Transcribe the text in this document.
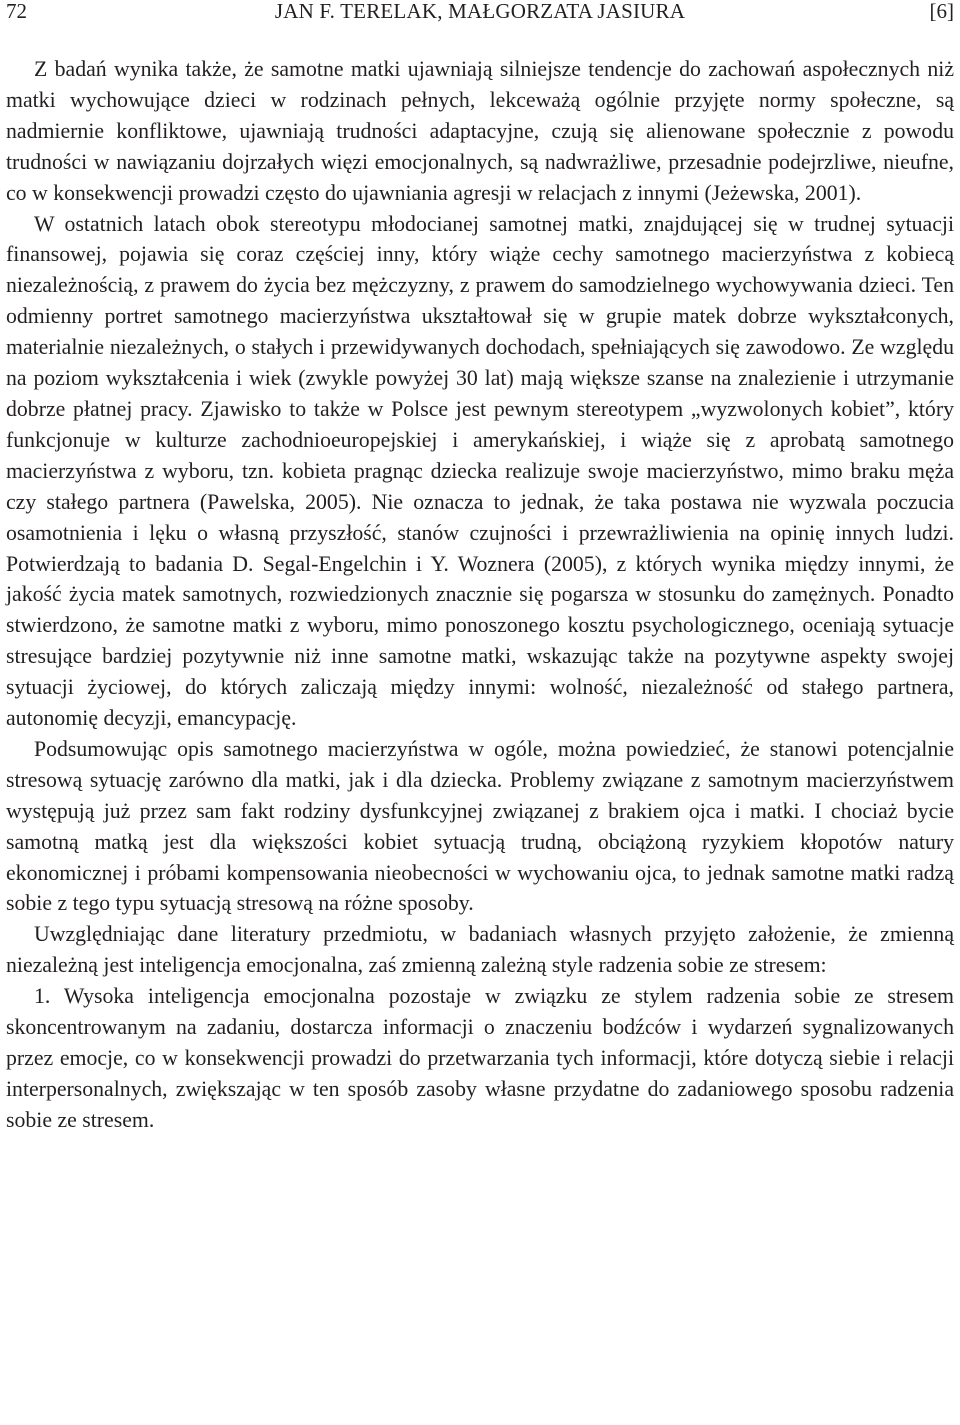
72	JAN F. TERELAK, MAŁGORZATA JASIURA	[6]

Z badań wynika także, że samotne matki ujawniają silniejsze tendencje do zachowań aspołecznych niż matki wychowujące dzieci w rodzinach pełnych, lekceważą ogólnie przyjęte normy społeczne, są nadmiernie konfliktowe, ujawniają trudności adaptacyjne, czują się alienowane społecznie z powodu trudności w nawiązaniu dojrzałych więzi emocjonalnych, są nadwrażliwe, przesadnie podejrzliwe, nieufne, co w konsekwencji prowadzi często do ujawniania agresji w relacjach z innymi (Jeżewska, 2001).

W ostatnich latach obok stereotypu młodocianej samotnej matki, znajdującej się w trudnej sytuacji finansowej, pojawia się coraz częściej inny, który wiąże cechy samotnego macierzyństwa z kobiecą niezależnością, z prawem do życia bez mężczyzny, z prawem do samodzielnego wychowywania dzieci. Ten odmienny portret samotnego macierzyństwa ukształtował się w grupie matek dobrze wykształconych, materialnie niezależnych, o stałych i przewidywanych dochodach, spełniających się zawodowo. Ze względu na poziom wykształcenia i wiek (zwykle powyżej 30 lat) mają większe szanse na znalezienie i utrzymanie dobrze płatnej pracy. Zjawisko to także w Polsce jest pewnym stereotypem „wyzwolonych kobiet”, który funkcjonuje w kulturze zachodnioeuropejskiej i amerykańskiej, i wiąże się z aprobatą samotnego macierzyństwa z wyboru, tzn. kobieta pragnąc dziecka realizuje swoje macierzyństwo, mimo braku męża czy stałego partnera (Pawelska, 2005). Nie oznacza to jednak, że taka postawa nie wyzwala poczucia osamotnienia i lęku o własną przyszłość, stanów czujności i przewrażliwienia na opinię innych ludzi. Potwierdzają to badania D. Segal-Engelchin i Y. Woznera (2005), z których wynika między innymi, że jakość życia matek samotnych, rozwiedzionych znacznie się pogarsza w stosunku do zamężnych. Ponadto stwierdzono, że samotne matki z wyboru, mimo ponoszonego kosztu psychologicznego, oceniają sytuacje stresujące bardziej pozytywnie niż inne samotne matki, wskazując także na pozytywne aspekty swojej sytuacji życiowej, do których zaliczają między innymi: wolność, niezależność od stałego partnera, autonomię decyzji, emancypację.

Podsumowując opis samotnego macierzyństwa w ogóle, można powiedzieć, że stanowi potencjalnie stresową sytuację zarówno dla matki, jak i dla dziecka. Problemy związane z samotnym macierzyństwem występują już przez sam fakt rodziny dysfunkcyjnej związanej z brakiem ojca i matki. I chociaż bycie samotną matką jest dla większości kobiet sytuacją trudną, obciążoną ryzykiem kłopotów natury ekonomicznej i próbami kompensowania nieobecności w wychowaniu ojca, to jednak samotne matki radzą sobie z tego typu sytuacją stresową na różne sposoby.

Uwzględniając dane literatury przedmiotu, w badaniach własnych przyjęto założenie, że zmienną niezależną jest inteligencja emocjonalna, zaś zmienną zależną style radzenia sobie ze stresem:

1. Wysoka inteligencja emocjonalna pozostaje w związku ze stylem radzenia sobie ze stresem skoncentrowanym na zadaniu, dostarcza informacji o znaczeniu bodźców i wydarzeń sygnalizowanych przez emocje, co w konsekwencji prowadzi do przetwarzania tych informacji, które dotyczą siebie i relacji interpersonalnych, zwiększając w ten sposób zasoby własne przydatne do zadaniowego sposobu radzenia sobie ze stresem.
